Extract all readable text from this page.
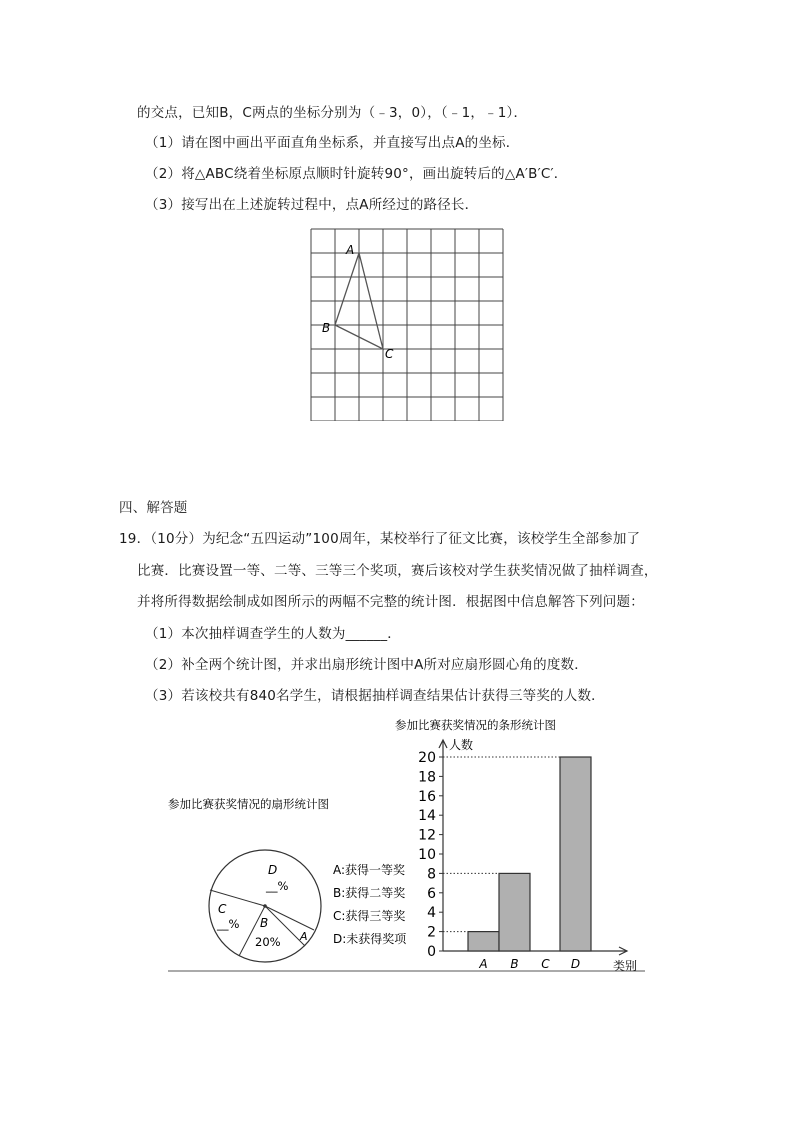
的交点，已知B，C两点的坐标分别为（﹣3，0），（﹣1，﹣1）．
（1）请在图中画出平面直角坐标系，并直接写出点A的坐标．
（2）将△ABC绕着坐标原点顺时针旋转90°，画出旋转后的△A′B′C′．
（3）接写出在上述旋转过程中，点A所经过的路径长．
A
B
C
四、解答题
19．（10分）为纪念“五四运动”100周年，某校举行了征文比赛，该校学生全部参加了
比赛．比赛设置一等、二等、三等三个奖项，赛后该校对学生获奖情况做了抽样调查，
并将所得数据绘制成如图所示的两幅不完整的统计图．根据图中信息解答下列问题：
（1）本次抽样调查学生的人数为______．
（2）补全两个统计图，并求出扇形统计图中A所对应扇形圆心角的度数．
（3）若该校共有840名学生，请根据抽样调查结果估计获得三等奖的人数．
参加比赛获奖情况的扇形统计图
D
__%
C
__% B
20% A
A:获得一等奖
B:获得二等奖
C:获得三等奖
D:未获得奖项
参加比赛获奖情况的条形统计图
0
2
4
6
8
10
12
14
16
18
20
A B C D
人数
类别
